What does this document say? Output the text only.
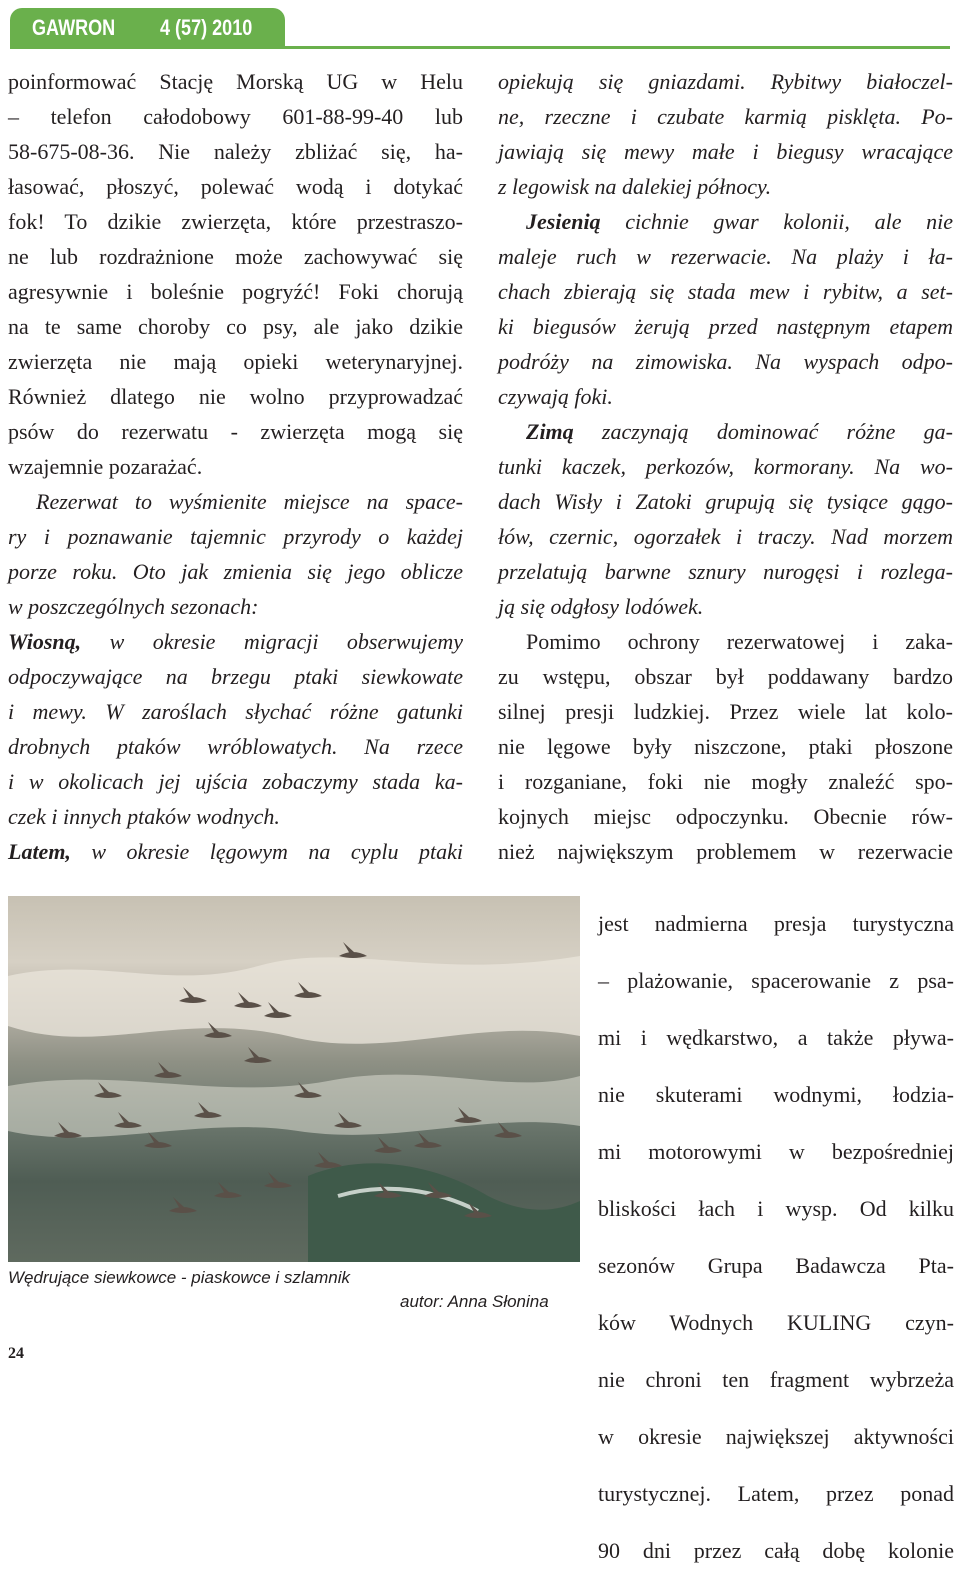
GAWRON 4 (57) 2010

poinformować Stację Morską UG w Helu

– telefon całodobowy 601-88-99-40 lub

58-675-08-36. Nie należy zbliżać się, ha-

łasować, płoszyć, polewać wodą i dotykać

fok! To dzikie zwierzęta, które przestraszo-

ne lub rozdrażnione może zachowywać się

agresywnie i boleśnie pogryźć! Foki chorują

na te same choroby co psy, ale jako dzikie

zwierzęta nie mają opieki weterynaryjnej.

Również dlatego nie wolno przyprowadzać

psów do rezerwatu - zwierzęta mogą się

wzajemnie pozarażać.

Rezerwat to wyśmienite miejsce na space-

ry i poznawanie tajemnic przyrody o każdej

porze roku. Oto jak zmienia się jego oblicze

w poszczególnych sezonach:

Wiosną, w okresie migracji obserwujemy

odpoczywające na brzegu ptaki siewkowate

i mewy. W zaroślach słychać różne gatunki

drobnych ptaków wróblowatych. Na rzece

i w okolicach jej ujścia zobaczymy stada ka-

czek i innych ptaków wodnych.

Latem, w okresie lęgowym na cyplu ptaki

opiekują się gniazdami. Rybitwy białoczel-

ne, rzeczne i czubate karmią pisklęta. Po-

jawiają się mewy małe i biegusy wracające

z legowisk na dalekiej północy.

Jesienią cichnie gwar kolonii, ale nie

maleje ruch w rezerwacie. Na plaży i ła-

chach zbierają się stada mew i rybitw, a set-

ki biegusów żerują przed następnym etapem

podróży na zimowiska. Na wyspach odpo-

czywają foki.

Zimą zaczynają dominować różne ga-

tunki kaczek, perkozów, kormorany. Na wo-

dach Wisły i Zatoki grupują się tysiące gągo-

łów, czernic, ogorzałek i traczy. Nad morzem

przelatują barwne sznury nurogęsi i rozlega-

ją się odgłosy lodówek.

Pomimo ochrony rezerwatowej i zaka-

zu wstępu, obszar był poddawany bardzo

silnej presji ludzkiej. Przez wiele lat kolo-

nie lęgowe były niszczone, ptaki płoszone

i rozganiane, foki nie mogły znaleźć spo-

kojnych miejsc odpoczynku. Obecnie rów-

nież największym problemem w rezerwacie

jest nadmierna presja turystyczna

– plażowanie, spacerowanie z psa-

mi i wędkarstwo, a także pływa-

nie skuterami wodnymi, łodzia-

mi motorowymi w bezpośredniej

bliskości łach i wysp. Od kilku

sezonów Grupa Badawcza Pta-

ków Wodnych KULING czyn-

nie chroni ten fragment wybrzeża

w okresie największej aktywności

turystycznej. Latem, przez ponad

90 dni przez całą dobę kolonie

Wędrujące siewkowce - piaskowce i szlamnik
autor: Anna Słonina
24
